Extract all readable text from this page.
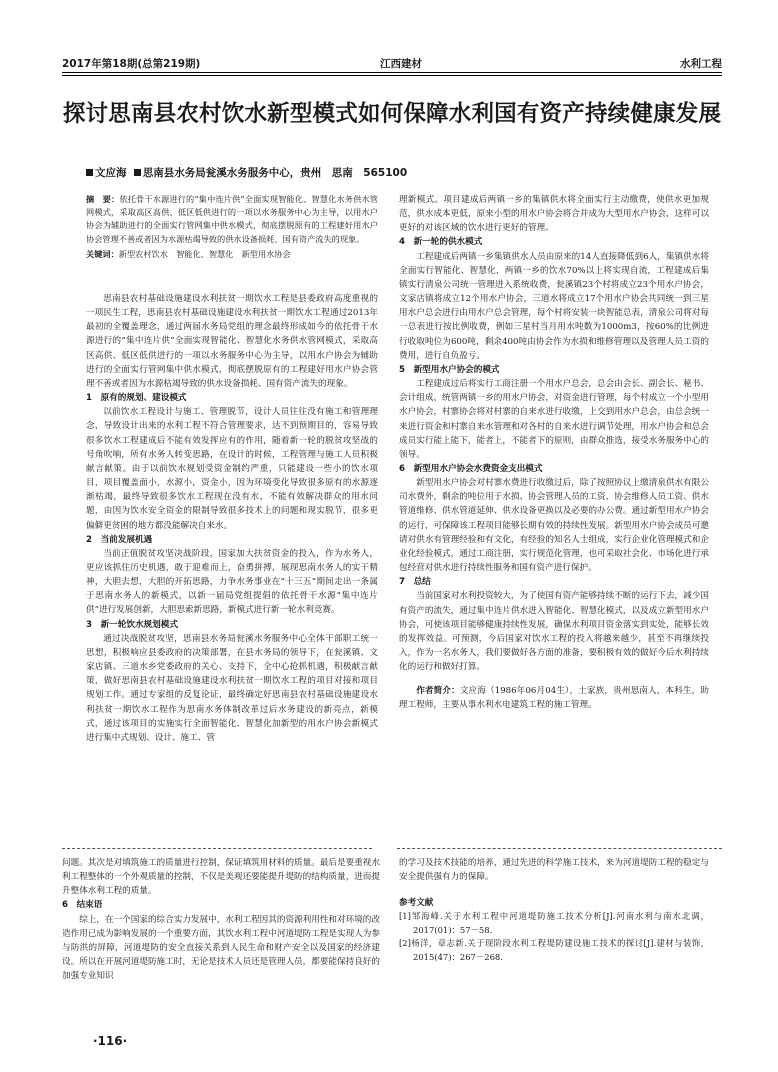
2017年第18期(总第219期)	江西建材	水利工程
探讨思南县农村饮水新型模式如何保障水利国有资产持续健康发展
文应海 思南县水务局瓮溪水务服务中心，贵州　思南　565100

摘　要：依托骨干水源进行的“集中连片供”全面实现智能化、智慧化水务供水管网模式，采取高区高供、低区低供进行的一项以水务服务中心为主导，以用水户协会为辅助进行的全面实行管网集中供水模式，彻底摆脱原有的工程建好用水户协会管理不善或者因为水源枯竭导致的供水设备损耗、国有资产流失的现象。

关键词：新型农村饮水　智能化、智慧化　新型用水协会

思南县农村基础设施建设水利扶贫一期饮水工程是县委政府高度重视的一项民生工程，思南县农村基础设施建设水利扶贫一期饮水工程通过2013年最初的全覆盖理念，通过两届水务局党组的理念最终形成如今的依托骨干水源进行的“集中连片供”全面实现智能化、智慧化水务供水管网模式，采取高区高供、低区低供进行的一项以水务服务中心为主导，以用水户协会为辅助进行的全面实行管网集中供水模式，彻底摆脱原有的工程建好用水户协会管理不善或者因为水源枯竭导致的供水设备损耗、国有资产流失的现象。

1　原有的规划、建设模式

以前饮水工程设计与施工、管理脱节，设计人员往往没有施工和管理理念，导致设计出来的水利工程不符合管理要求，达不到预期目的，容易导致很多饮水工程建成后不能有效发挥应有的作用，随着新一轮的脱贫攻坚战的号角吹响，所有水务人转变思路，在设计的时候，工程管理与施工人员积极献言献策。由于以前饮水规划受资金制约严重，只能建设一些小的饮水项目，项目覆盖面小，水源小，资金小，因为环境变化导致很多原有的水源逐渐枯竭，最终导致很多饮水工程现在没有水，不能有效解决群众的用水问题，由因为饮水安全资金的限制导致很多技术上的问题和现实脱节，很多更偏僻更贫困的地方都没能解决自来水。

2　当前发展机遇

当前正值脱贫攻坚决战阶段，国家加大扶贫资金的投入，作为水务人，更应该抓住历史机遇，敢于迎难而上，奋勇拼搏，展现思南水务人的实干精神，大胆去想，大胆的开拓思路，力争水务事业在“十三五”期间走出一条属于思南水务人的新模式，以新一届局党组提倡的依托骨干水源“集中连片供”进行发展创新，大胆思索新思路，新模式进行新一轮水利竞赛。

3　新一轮饮水规划模式

通过决战脱贫攻坚，思南县水务局瓮溪水务服务中心全体干部职工统一思想，积极响应县委政府的决策部署，在县水务局的领导下，在瓮溪镇、文家店镇、三道水乡党委政府的关心、支持下，全中心抢抓机遇，积极献言献策，做好思南县农村基础设施建设水利扶贫一期饮水工程的项目对接和项目规划工作。通过专家组的反复论证，最终确定好思南县农村基础设施建设水利扶贫一期饮水工程作为思南水务体制改革过后水务建设的新亮点，新模式，通过该项目的实施实行全面智能化、智慧化加新型的用水户协会新模式进行集中式规划、设计、施工、管

理新模式。项目建成后两镇一乡的集镇供水将全面实行主动缴费，使供水更加规范，供水成本更低，原来小型的用水户协会将合并成为大型用水户协会，这样可以更好的对该区域的饮水进行更好的管理。

4　新一轮的供水模式

工程建成后两镇一乡集镇供水人员由原来的14人直接降低到6人，集镇供水将全面实行智能化、智慧化，两镇一乡的饮水70%以上将实现自流，工程建成后集镇实行清泉公司统一管理进入系统收费，瓮溪镇23个村将成立23个用水户协会，文家店镇将成立12个用水户协会，三道水将成立17个用水户协会共同统一到三星用水户总会进行由用水户总会管理，每个村将安装一块智能总表，清泉公司将对每一总表进行按比例收费，例如三星村当月用水吨数为1000m3，按60%的比例进行收取吨位为600吨，剩余400吨由协会作为水损和维修管理以及管理人员工资的费用，进行自负盈亏。

5　新型用水户协会的模式

工程建成过后将实行工商注册一个用水户总会，总会由会长、副会长、秘书、会计组成，统管两镇一乡的用水户协会，对资金进行管理，每个村成立一个小型用水户协会，村寨协会将对村寨的自来水进行收缴，上交到用水户总会，由总会统一来进行资金和村寨自来水管理和对各村的自来水进行调节处理，用水户协会和总会成员实行能上能下，能者上，不能者下的原则，由群众推选，接受水务服务中心的领导。

6　新型用水户协会水费资金支出模式

新型用水户协会对村寨水费进行收缴过后，除了按照协议上缴清泉供水有限公司水费外，剩余的吨位用于水损、协会管理人员的工资、协会维修人员工资、供水管道维修、供水管道延伸、供水设备更换以及必要的办公费。通过新型用水户协会的运行，可保障该工程项目能够长期有效的持续性发展。新型用水户协会成员可邀请对供水有管理经验和有文化，有经验的知名人士组成，实行企业化管理模式和企业化经验模式，通过工商注册，实行规范化管理，也可采取社会化、市场化进行承包经营对供水进行持续性服务和国有资产进行保护。

7　总结

当前国家对水利投资较大，为了使国有资产能够持续不断的运行下去，减少国有资产的流失，通过集中连片供水进入智能化、智慧化模式，以及成立新型用水户协会，可使该项目能够健康持续性发展，确保水利项目资金落实到实处，能够长效的发挥效益。可预测，今后国家对饮水工程的投入将越来越少，甚至不再继续投入，作为一名水务人，我们要做好各方面的准备，要积极有效的做好今后水利持续化的运行和做好打算。

作者简介：文应海（1986年06月04生），土家族，贵州思南人，本科生，助理工程师，主要从事水利水电建筑工程的施工管理。

问题。其次是对填筑施工的质量进行控制，保证填筑用材料的质量。最后是要重视水利工程整体的一个外观质量的控制，不仅是美观还要能提升堤防的结构质量，进而提升整体水利工程的质量。

6　结束语

综上，在一个国家的综合实力发展中，水利工程因其的资源利用性和对环境的改造作用已成为影响发展的一个重要方面，其饮水利工程中河道堤防工程是实现人为参与防洪的屏障，河道堤防的安全直接关系到人民生命和财产安全以及国家的经济建设。所以在开展河道堤防施工时，无论是技术人员还是管理人员，都要能保持良好的加强专业知识

的学习及技术技能的培养，通过先进的科学施工技术，来为河道堤防工程的稳定与安全提供强有力的保障。

参考文献
[1]邹海峰.关于水利工程中河道堤防施工技术分析[J].河南水利与南水北调，2017(01)：57－58.
[2]杨洋，章志新.关于现阶段水利工程堤防建设施工技术的探讨[J].建材与装饰，2015(47)：267－268.
·116·
